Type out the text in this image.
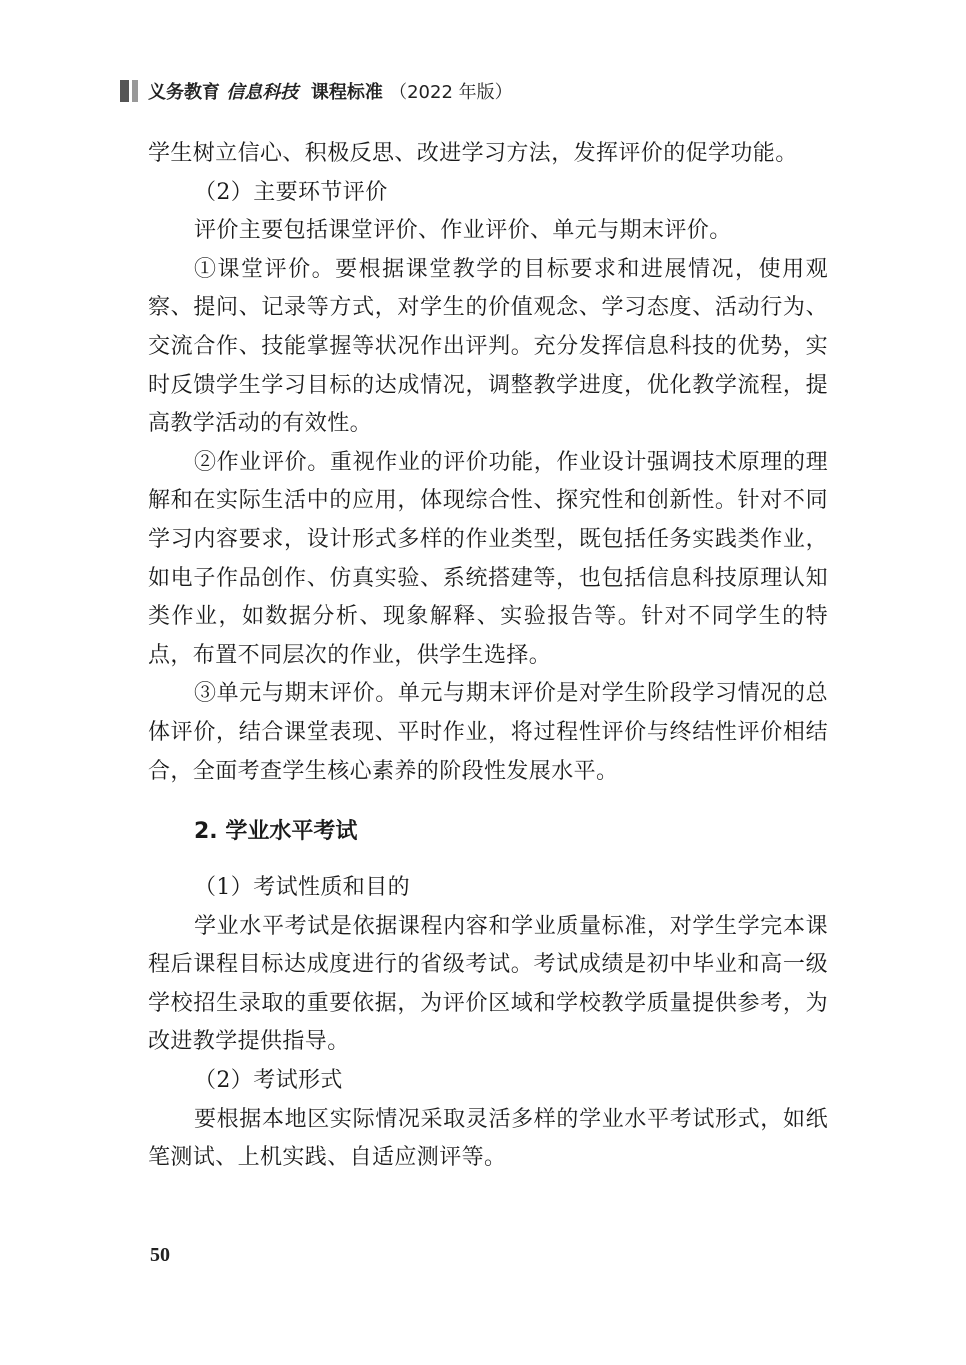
义务教育 信息科技 课程标准 （2022 年版）

学生树立信心、积极反思、改进学习方法，发挥评价的促学功能。

（2）主要环节评价

评价主要包括课堂评价、作业评价、单元与期末评价。

①课堂评价。要根据课堂教学的目标要求和进展情况，使用观察、提问、记录等方式，对学生的价值观念、学习态度、活动行为、交流合作、技能掌握等状况作出评判。充分发挥信息科技的优势，实时反馈学生学习目标的达成情况，调整教学进度，优化教学流程，提高教学活动的有效性。

②作业评价。重视作业的评价功能，作业设计强调技术原理的理解和在实际生活中的应用，体现综合性、探究性和创新性。针对不同学习内容要求，设计形式多样的作业类型，既包括任务实践类作业，如电子作品创作、仿真实验、系统搭建等，也包括信息科技原理认知类作业，如数据分析、现象解释、实验报告等。针对不同学生的特点，布置不同层次的作业，供学生选择。

③单元与期末评价。单元与期末评价是对学生阶段学习情况的总体评价，结合课堂表现、平时作业，将过程性评价与终结性评价相结合，全面考查学生核心素养的阶段性发展水平。

2. 学业水平考试

（1）考试性质和目的

学业水平考试是依据课程内容和学业质量标准，对学生学完本课程后课程目标达成度进行的省级考试。考试成绩是初中毕业和高一级学校招生录取的重要依据，为评价区域和学校教学质量提供参考，为改进教学提供指导。

（2）考试形式

要根据本地区实际情况采取灵活多样的学业水平考试形式，如纸笔测试、上机实践、自适应测评等。

50
